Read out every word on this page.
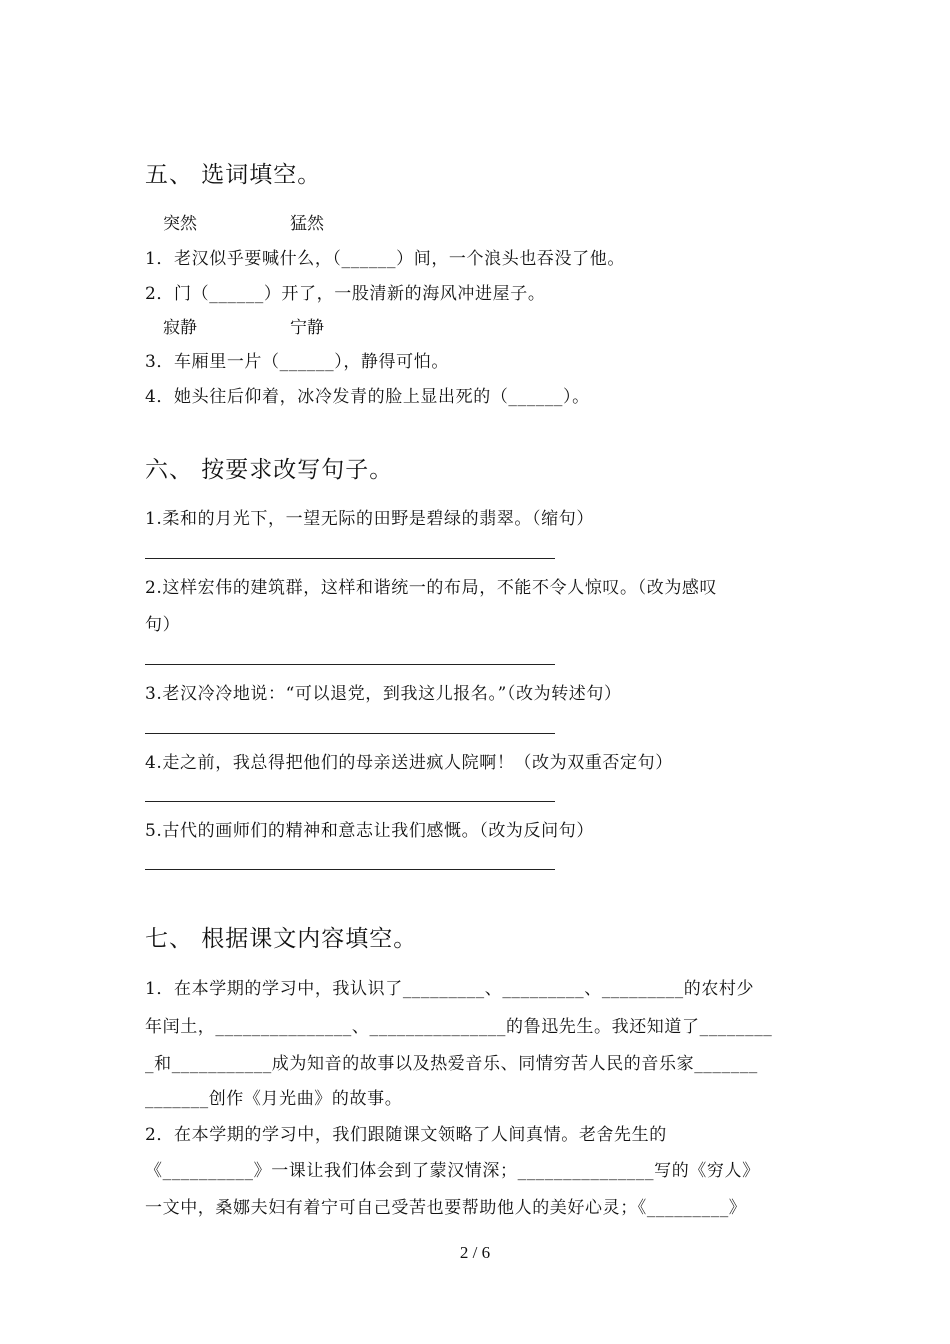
五、 选词填空。
突然	猛然
1．老汉似乎要喊什么，（______）间，一个浪头也吞没了他。
2．门（______）开了，一股清新的海风冲进屋子。
寂静	宁静
3．车厢里一片（______），静得可怕。
4．她头往后仰着，冰冷发青的脸上显出死的（______）。
六、 按要求改写句子。
1.柔和的月光下，一望无际的田野是碧绿的翡翠。（缩句）
2.这样宏伟的建筑群，这样和谐统一的布局，不能不令人惊叹。（改为感叹
句）
3.老汉冷冷地说：“可以退党，到我这儿报名。”（改为转述句）
4.走之前，我总得把他们的母亲送进疯人院啊！（改为双重否定句）
5.古代的画师们的精神和意志让我们感慨。（改为反问句）
七、 根据课文内容填空。
1．在本学期的学习中，我认识了_________、_________、_________的农村少
年闰土，_______________、_______________的鲁迅先生。我还知道了________
_和___________成为知音的故事以及热爱音乐、同情穷苦人民的音乐家_______
_______创作《月光曲》的故事。
2．在本学期的学习中，我们跟随课文领略了人间真情。老舍先生的
《__________》一课让我们体会到了蒙汉情深；_______________写的《穷人》
一文中，桑娜夫妇有着宁可自己受苦也要帮助他人的美好心灵；《_________》
2 / 6
